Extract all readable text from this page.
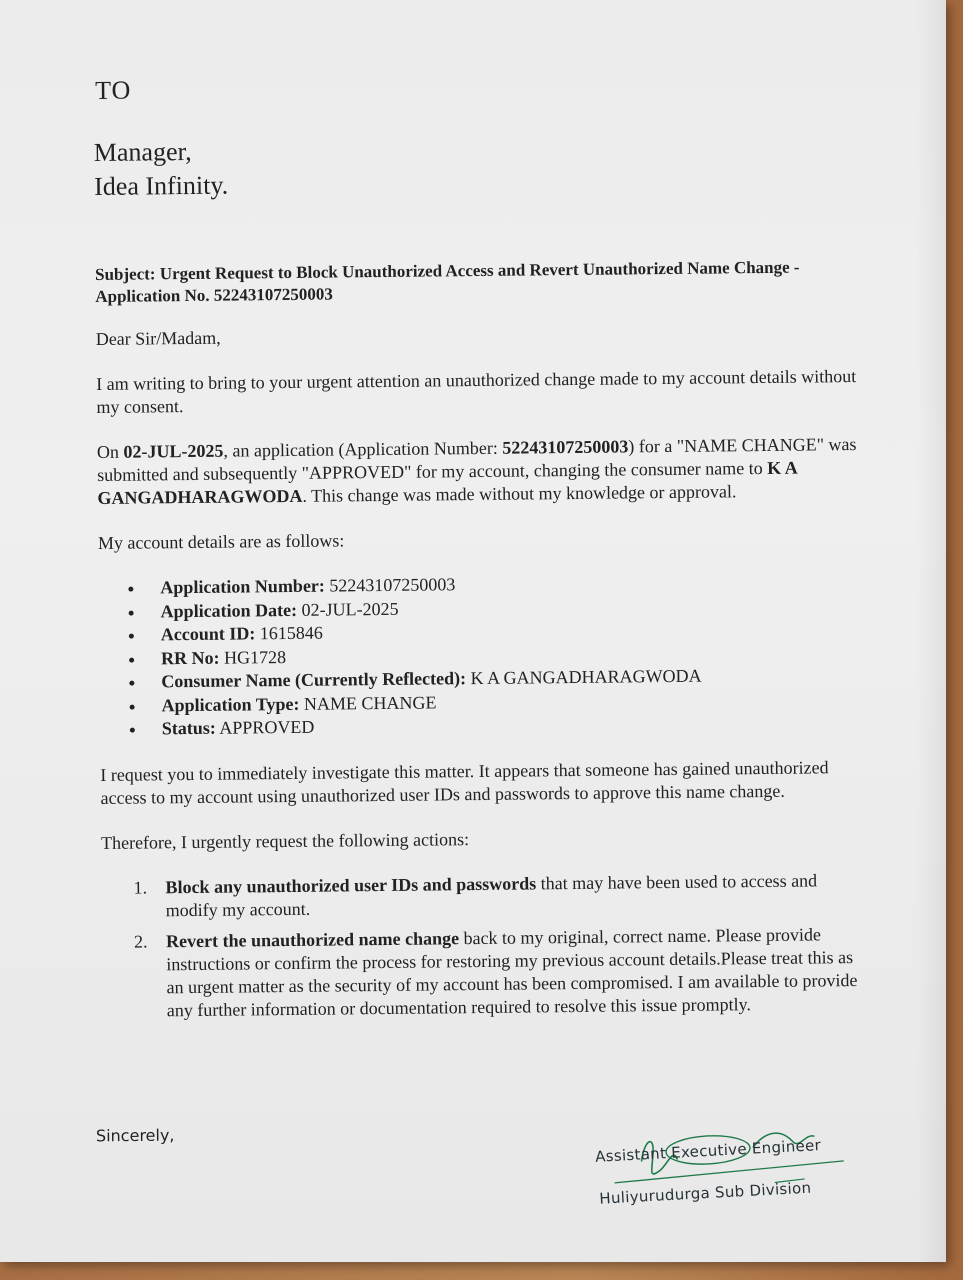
TO
Manager,
Idea Infinity.
Subject: Urgent Request to Block Unauthorized Access and Revert Unauthorized Name Change - Application No. 52243107250003
Dear Sir/Madam,
I am writing to bring to your urgent attention an unauthorized change made to my account details without my consent.
On 02-JUL-2025, an application (Application Number: 52243107250003) for a "NAME CHANGE" was submitted and subsequently "APPROVED" for my account, changing the consumer name to K A GANGADHARAGWODA. This change was made without my knowledge or approval.
My account details are as follows:
Application Number: 52243107250003
Application Date: 02-JUL-2025
Account ID: 1615846
RR No: HG1728
Consumer Name (Currently Reflected): K A GANGADHARAGWODA
Application Type: NAME CHANGE
Status: APPROVED
I request you to immediately investigate this matter. It appears that someone has gained unauthorized access to my account using unauthorized user IDs and passwords to approve this name change.
Therefore, I urgently request the following actions:
1. Block any unauthorized user IDs and passwords that may have been used to access and modify my account.
2. Revert the unauthorized name change back to my original, correct name. Please provide instructions or confirm the process for restoring my previous account details.Please treat this as an urgent matter as the security of my account has been compromised. I am available to provide any further information or documentation required to resolve this issue promptly.
Sincerely,
Assistant Executive Engineer
Huliyurudurga Sub Division
